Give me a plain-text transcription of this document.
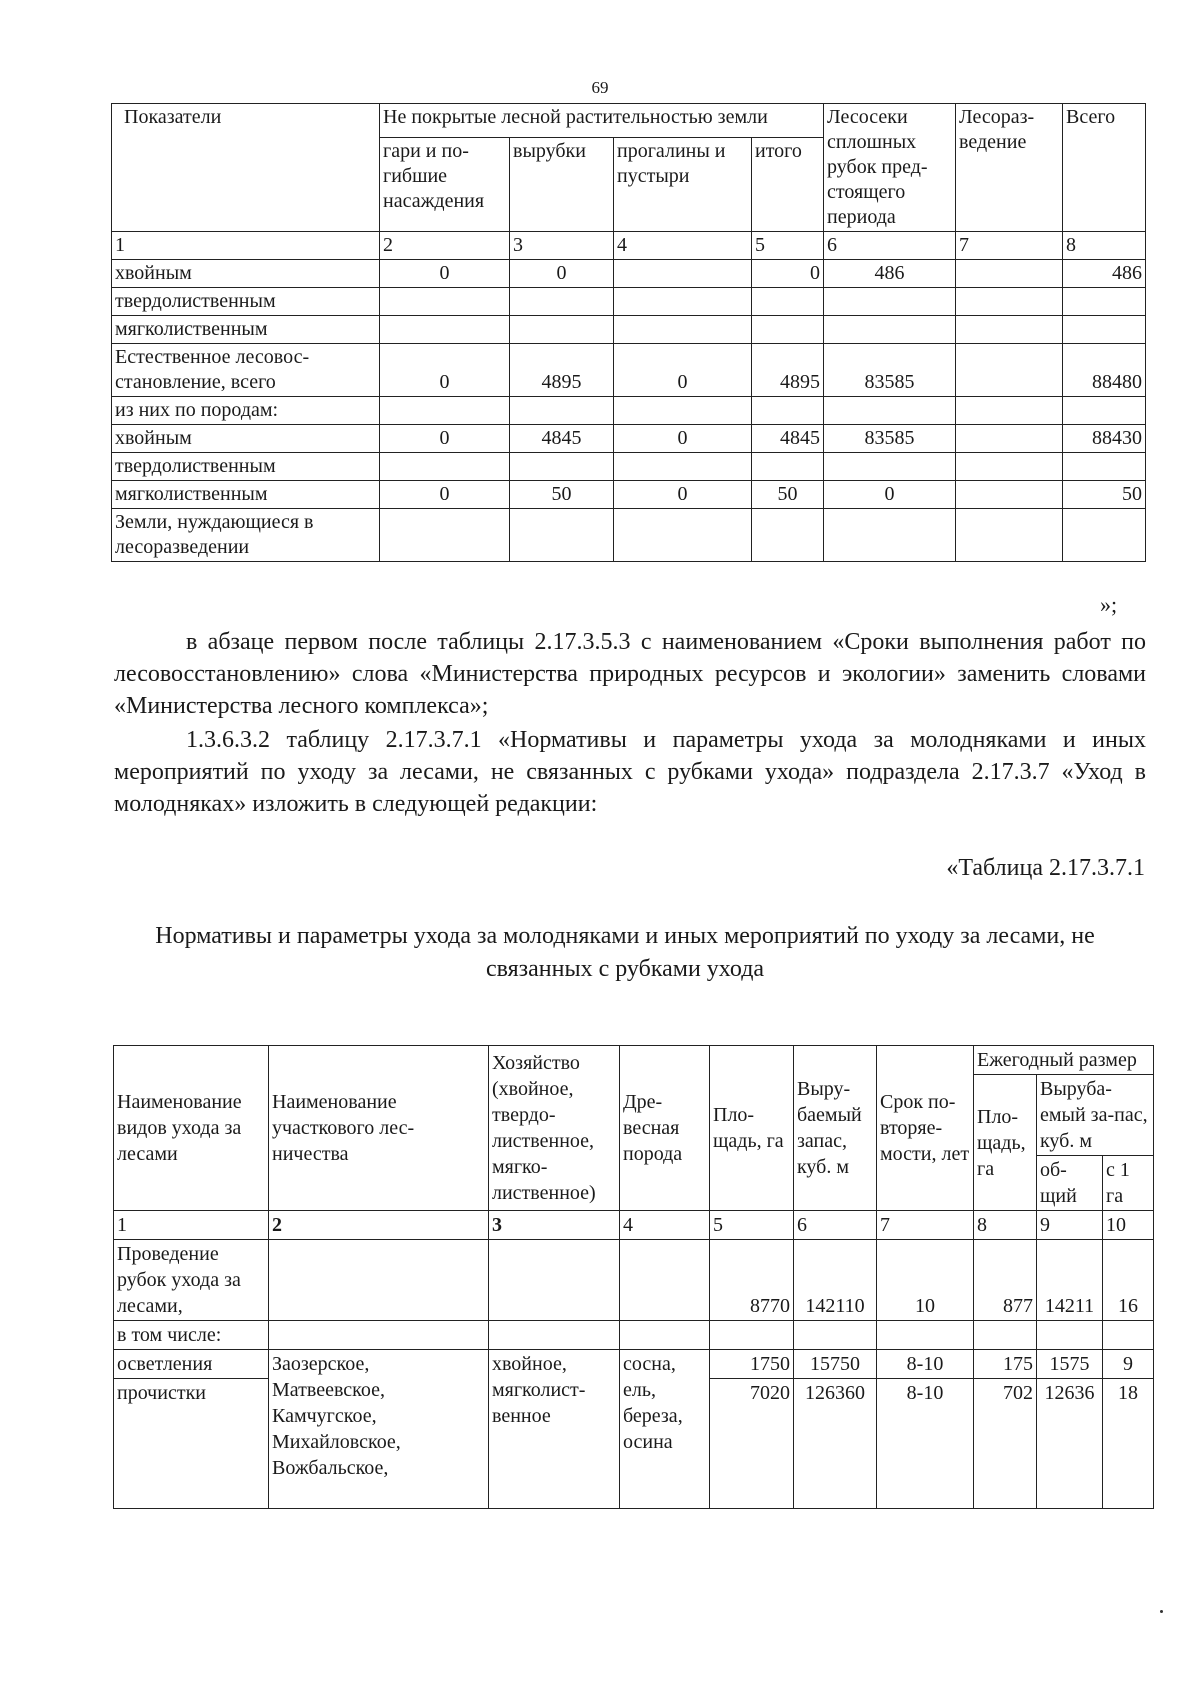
69
Показатели	Не покрытые лесной растительностью земли				Лесосеки сплошных рубок пред-стоящего периода	Лесораз-ведение	Всего
	гари и по-гибшие насаждения	вырубки	прогалины и пустыри	итого			
1	2	3	4	5	6	7	8
хвойным	0	0		0	486		486
твердолиственным							
мягколиственным							
Естественное лесовос-становление, всего	0	4895	0	4895	83585		88480
из них по породам:							
хвойным	0	4845	0	4845	83585		88430
твердолиственным							
мягколиственным	0	50	0	50	0		50
Земли, нуждающиеся в лесоразведении							
»;

в абзаце первом после таблицы 2.17.3.5.3 с наименованием «Сроки выполнения работ по лесовосстановлению» слова «Министерства природных ресурсов и экологии» заменить словами «Министерства лесного комплекса»;

1.3.6.3.2 таблицу 2.17.3.7.1 «Нормативы и параметры ухода за молодняками и иных мероприятий по уходу за лесами, не связанных с рубками ухода» подраздела 2.17.3.7 «Уход в молодняках» изложить в следующей редакции:

«Таблица 2.17.3.7.1
Нормативы и параметры ухода за молодняками и иных мероприятий по уходу за лесами, не связанных с рубками ухода
Наименование видов ухода за лесами	Наименование участкового лес-ничества	Хозяйство (хвойное, твердо-лиственное, мягко-лиственное)	Дре-весная порода	Пло-щадь, га	Выру-баемый запас, куб. м	Срок по-вторяе-мости, лет	Ежегодный размер		
							Пло-щадь, га	Выруба-емый за-пас, куб. м	
								об-щий	с 1 га
1	2	3	4	5	6	7	8	9	10
Проведение рубок ухода за лесами,				8770	142110	10	877	14211	16
в том числе:									
осветления	Заозерское, Матвеевское, Камчугское, Михайловское, Вожбальское,	хвойное, мягколист-венное	сосна, ель, береза, осина	1750	15750	8-10	175	1575	9
прочистки				7020	126360	8-10	702	12636	18
